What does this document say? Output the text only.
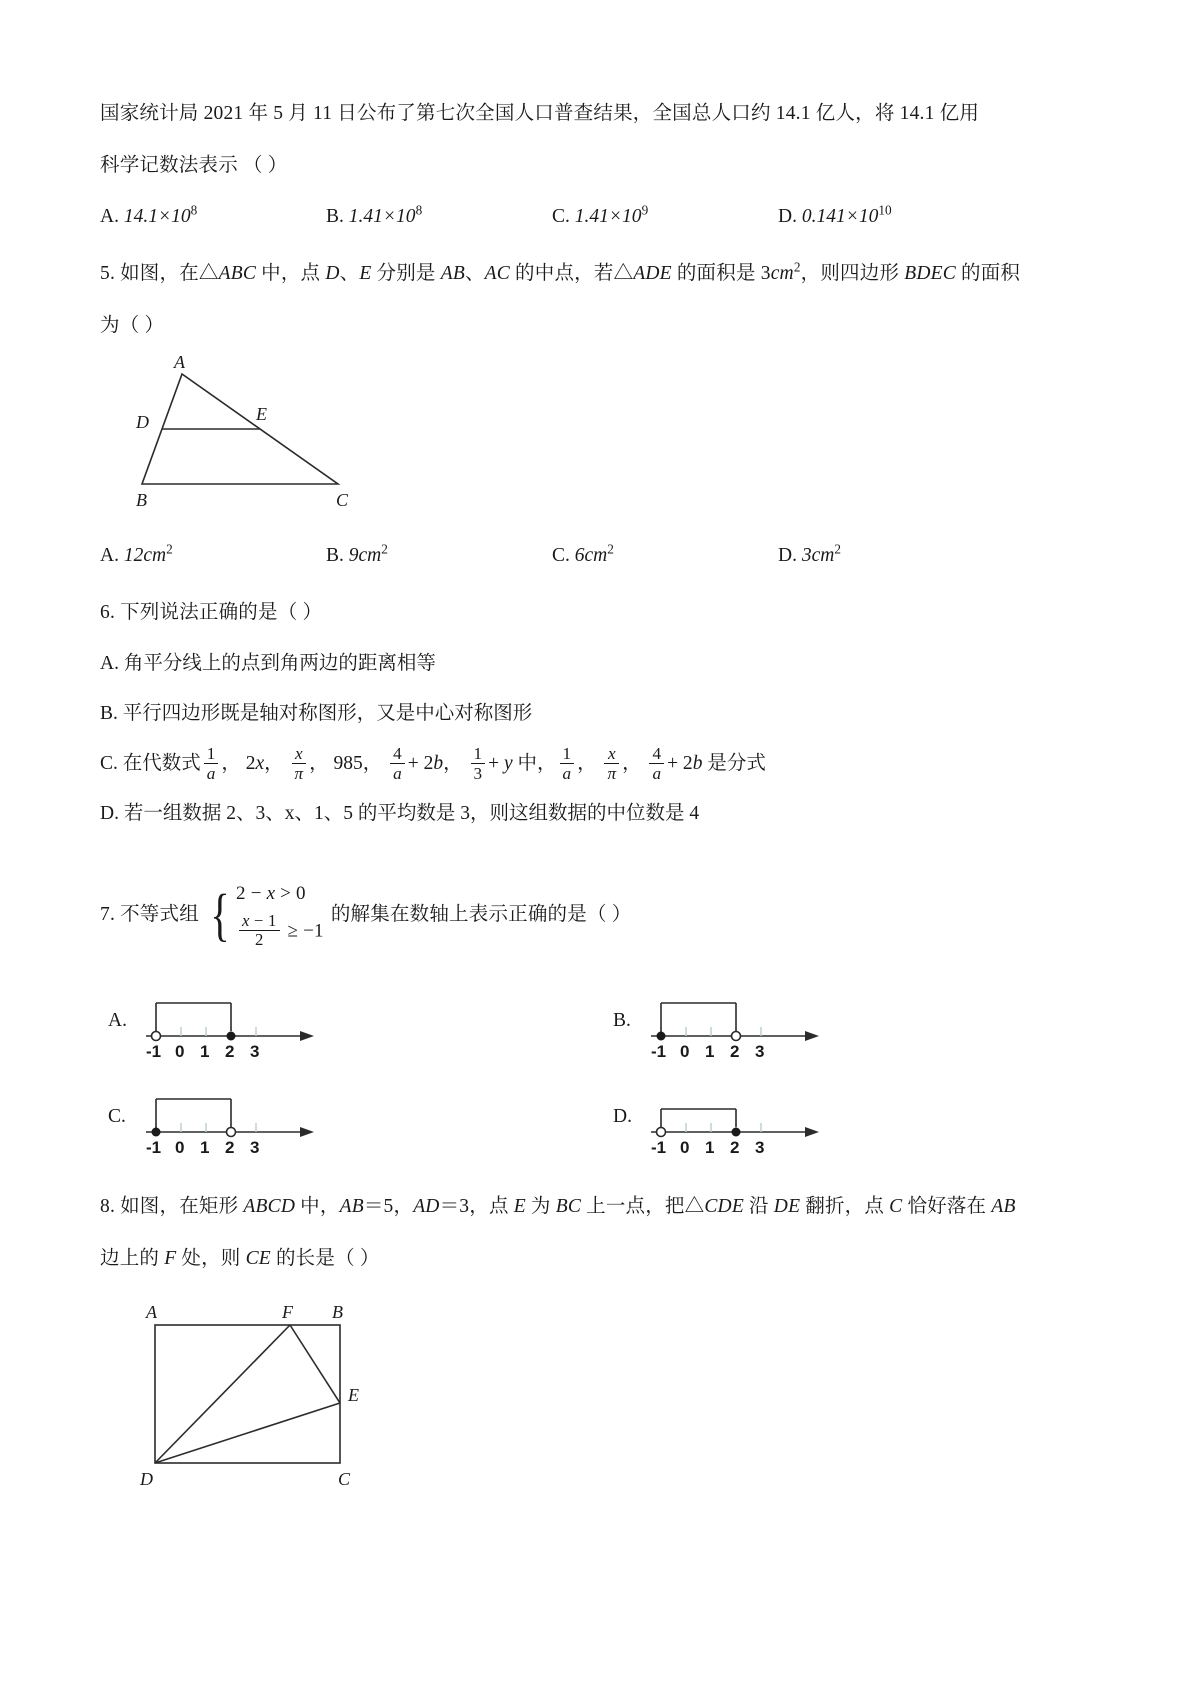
国家统计局 2021 年 5 月 11 日公布了第七次全国人口普查结果，全国总人口约 14.1 亿人，将 14.1 亿用
科学记数法表示 （ ）
A. $14.1\times 10^8$	B. $1.41\times 10^8$	C. $1.41\times 10^9$	D. $0.141\times 10^{10}$
5. 如图，在△ABC 中，点 D、E 分别是 AB、AC 的中点，若△ADE 的面积是 $3cm^2$，则四边形 BDEC 的面积
为（ ）
A
B	C
D	E
A. $12cm^2$	B. $9cm^2$	C. $6cm^2$	D. $3cm^2$
6. 下列说法正确的是（ ）
A. 角平分线上的点到角两边的距离相等
B. 平行四边形既是轴对称图形，又是中心对称图形
C. 在代数式 $\frac{1}{a}$ ， 2x， $\frac{x}{\pi}$ ， 985， $\frac{4}{a} + 2b$， $\frac{1}{3} + y$ 中， $\frac{1}{a}$ ， $\frac{x}{\pi}$ ， $\frac{4}{a} + 2b$ 是分式
D. 若一组数据 2、3、x、1、5 的平均数是 3，则这组数据的中位数是 4
7. 不等式组 { 2 − x > 0
$\frac{x - 1}{2} \ge -1$
的解集在数轴上表示正确的是（ ）
A.
-1 0 1 2 3
B.
-1 0 1 2 3
C.
-1 0 1 2 3
D.
-1 0 1 2 3
8. 如图，在矩形 ABCD 中，AB＝5，AD＝3，点 E 为 BC 上一点，把△CDE 沿 DE 翻折，点 C 恰好落在 AB
边上的 F 处，则 CE 的长是（ ）
A	F B
E
D	C
